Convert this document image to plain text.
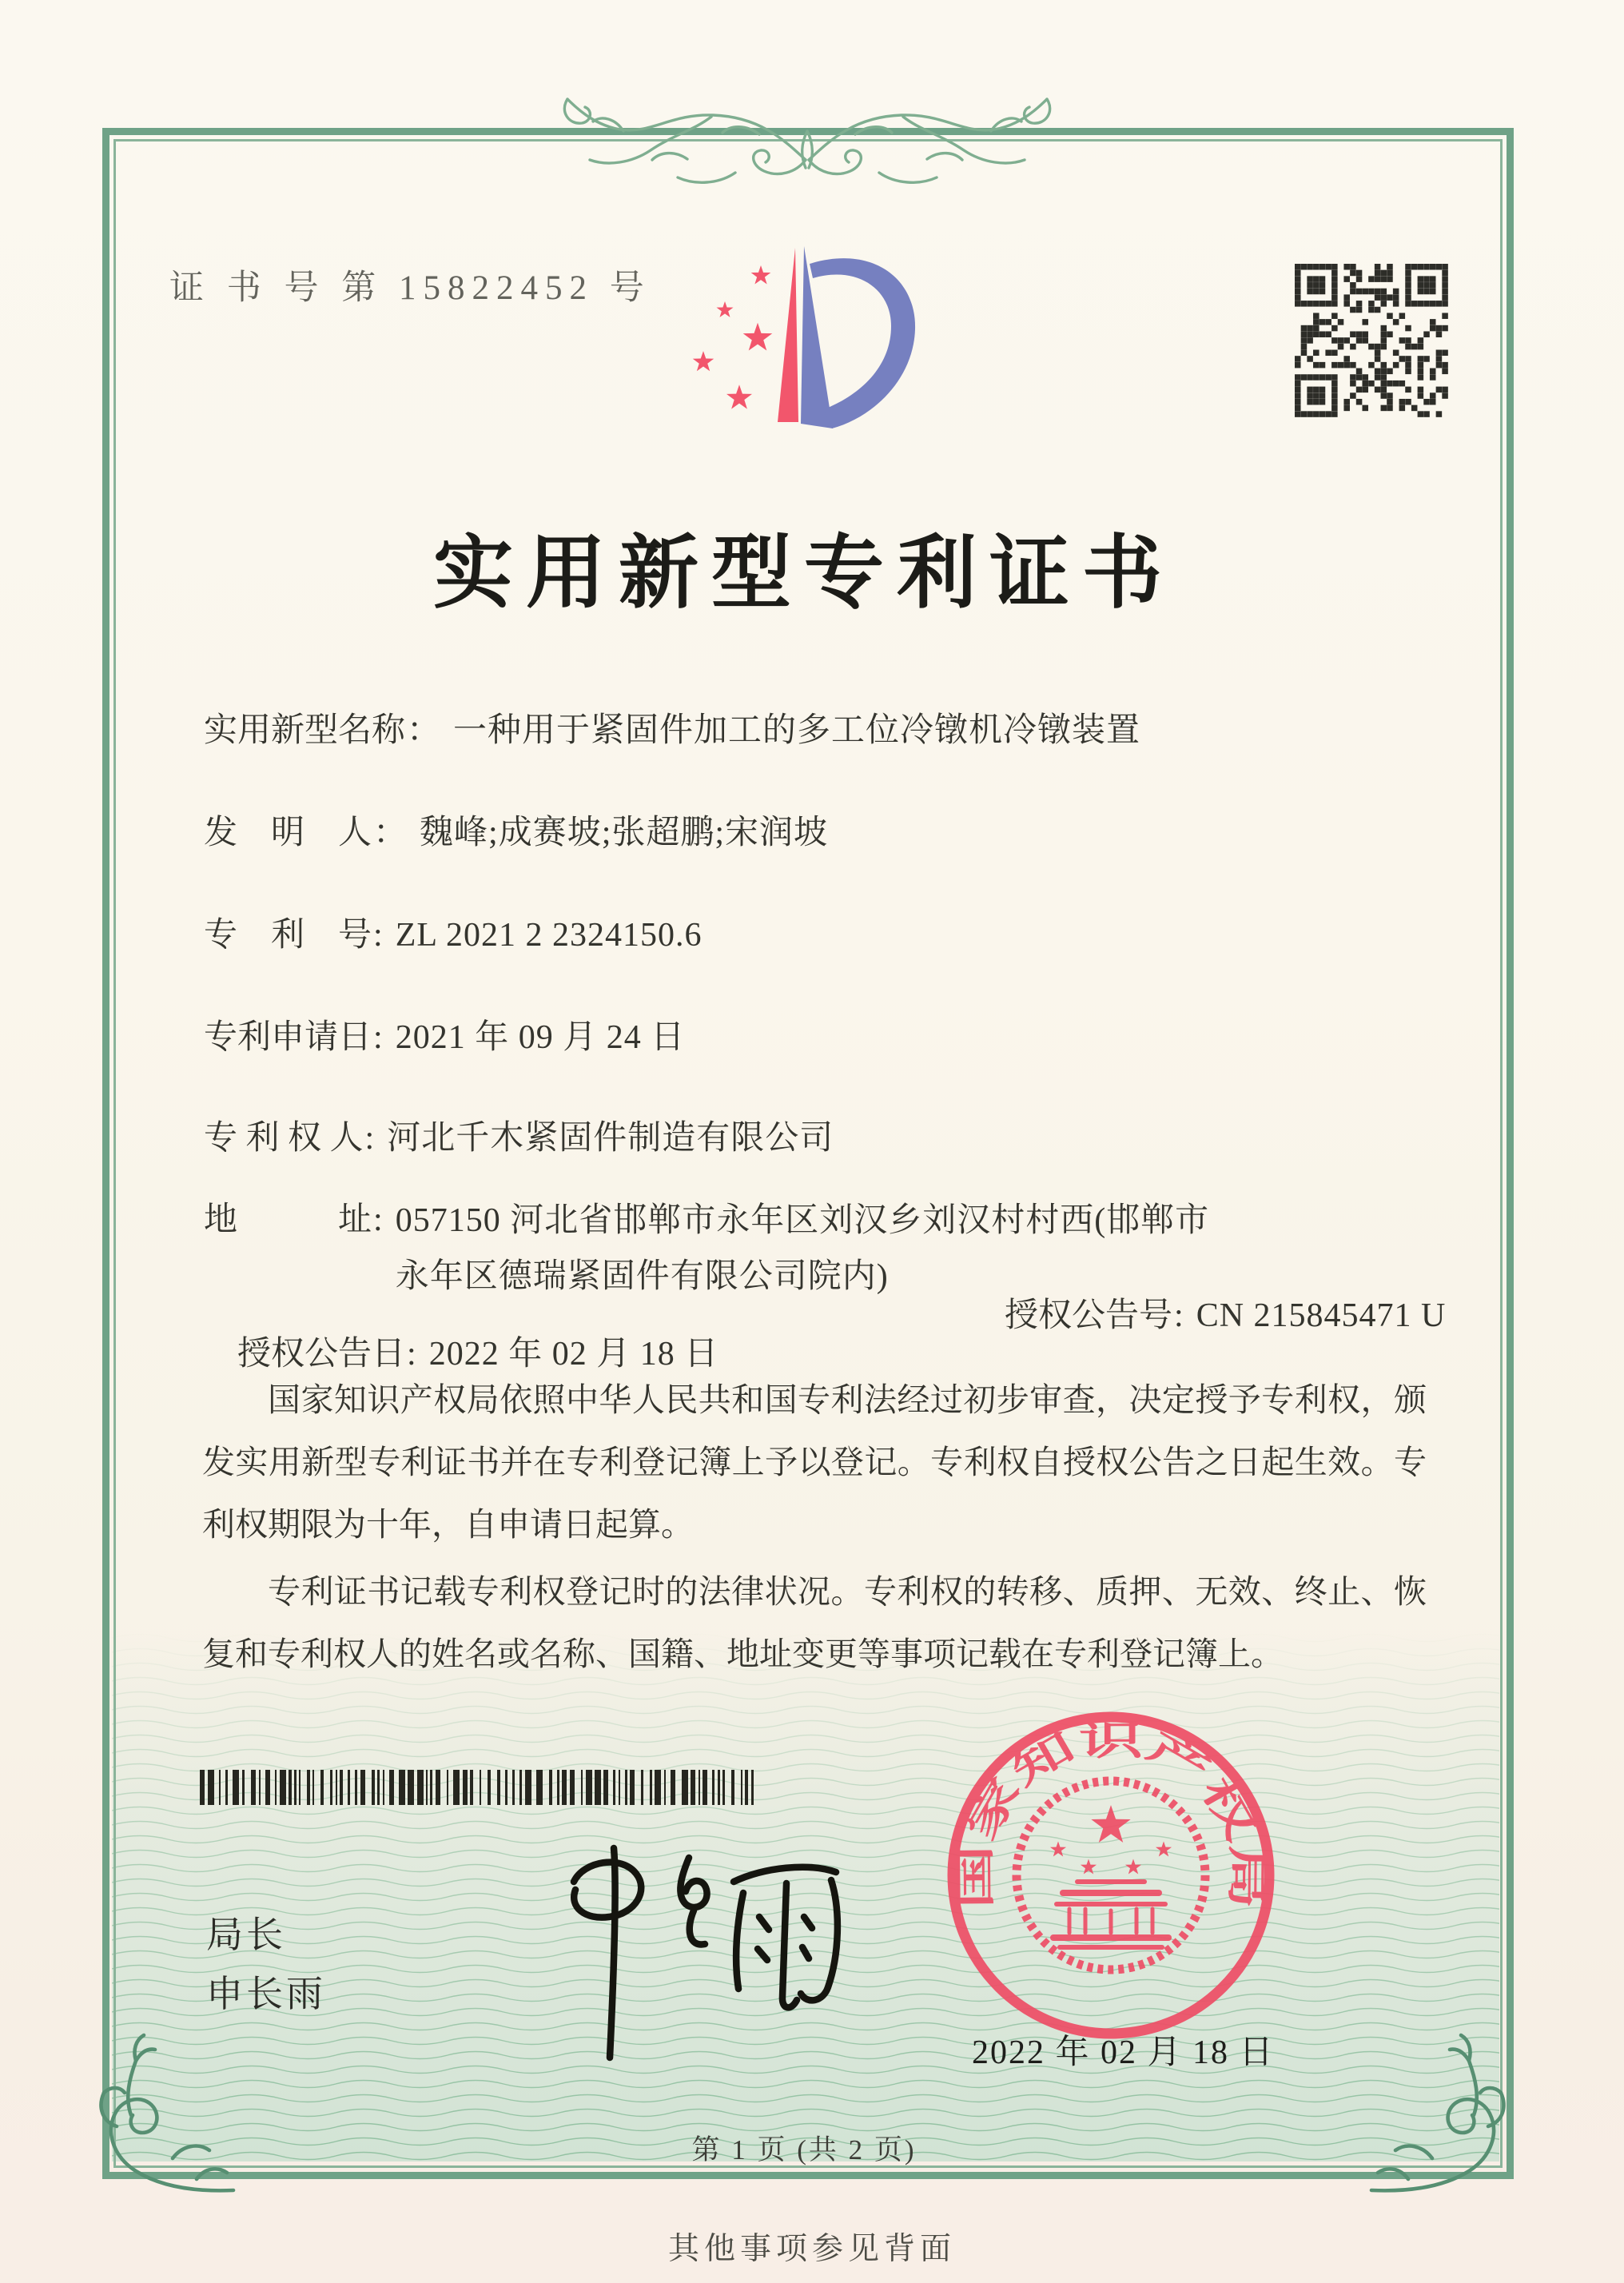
证 书 号 第 15822452 号
实用新型专利证书
实用新型名称： 一种用于紧固件加工的多工位冷镦机冷镦装置
发　明　人： 魏峰;成赛坡;张超鹏;宋润坡
专　利　号: ZL 2021 2 2324150.6
专利申请日: 2021 年 09 月 24 日
专 利 权 人: 河北千木紧固件制造有限公司
地　　　址: 057150 河北省邯郸市永年区刘汉乡刘汉村村西(邯郸市永年区德瑞紧固件有限公司院内)

授权公告日: 2022 年 02 月 18 日

授权公告号: CN 215845471 U

国家知识产权局依照中华人民共和国专利法经过初步审查，决定授予专利权，颁发实用新型专利证书并在专利登记簿上予以登记。专利权自授权公告之日起生效。专利权期限为十年，自申请日起算。

专利证书记载专利权登记时的法律状况。专利权的转移、质押、无效、终止、恢复和专利权人的姓名或名称、国籍、地址变更等事项记载在专利登记簿上。

局长
申长雨
国家知识产权局
2022 年 02 月 18 日
第 1 页 (共 2 页)
其他事项参见背面
